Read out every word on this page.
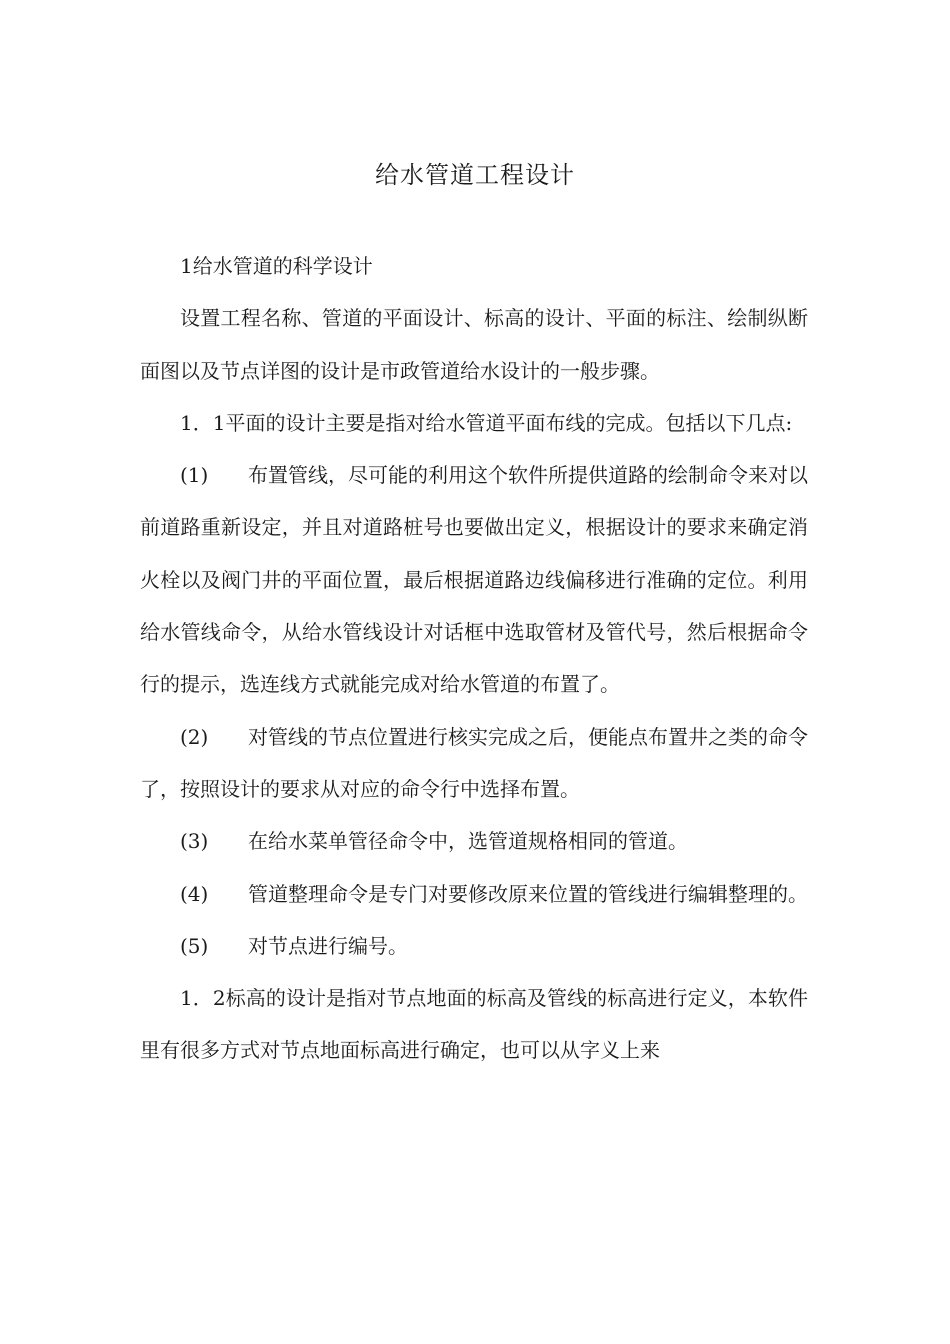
给水管道工程设计

1给水管道的科学设计

设置工程名称、管道的平面设计、标高的设计、平面的标注、绘制纵断面图以及节点详图的设计是市政管道给水设计的一般步骤。

1．1平面的设计主要是指对给水管道平面布线的完成。包括以下几点:

(1) 布置管线，尽可能的利用这个软件所提供道路的绘制命令来对以前道路重新设定，并且对道路桩号也要做出定义，根据设计的要求来确定消火栓以及阀门井的平面位置，最后根据道路边线偏移进行准确的定位。利用给水管线命令，从给水管线设计对话框中选取管材及管代号，然后根据命令行的提示，选连线方式就能完成对给水管道的布置了。

(2) 对管线的节点位置进行核实完成之后，便能点布置井之类的命令了，按照设计的要求从对应的命令行中选择布置。

(3) 在给水菜单管径命令中，选管道规格相同的管道。

(4) 管道整理命令是专门对要修改原来位置的管线进行编辑整理的。

(5) 对节点进行编号。

1．2标高的设计是指对节点地面的标高及管线的标高进行定义，本软件里有很多方式对节点地面标高进行确定，也可以从字义上来
